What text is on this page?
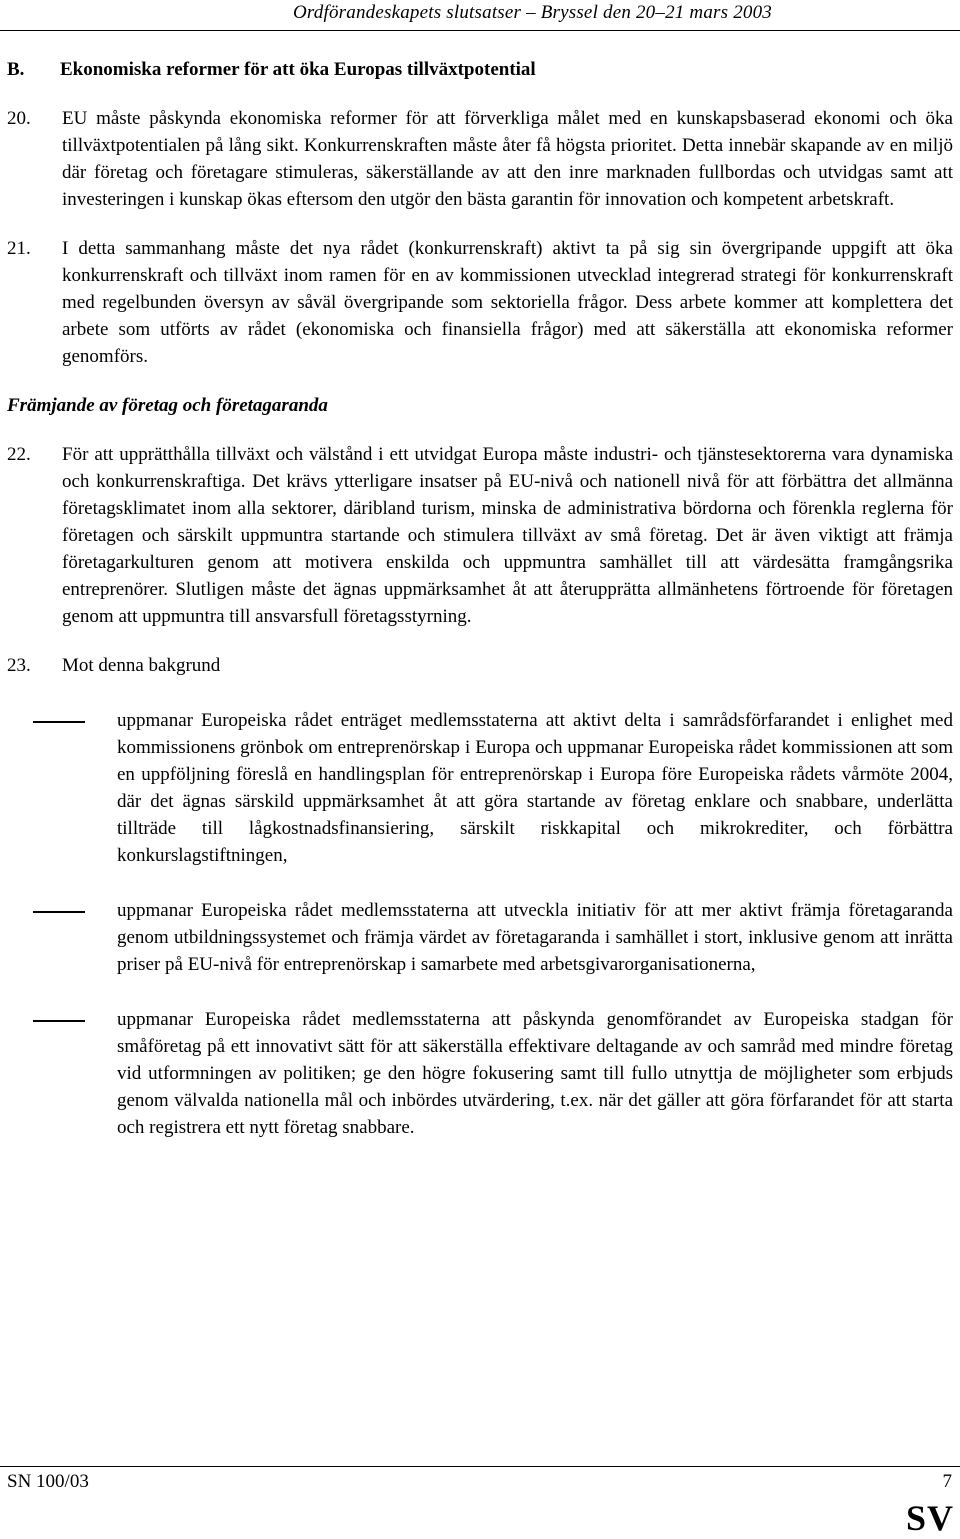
Ordförandeskapets slutsatser – Bryssel den 20–21 mars 2003
B.	Ekonomiska reformer för att öka Europas tillväxtpotential
20.	EU måste påskynda ekonomiska reformer för att förverkliga målet med en kunskapsbaserad ekonomi och öka tillväxtpotentialen på lång sikt. Konkurrenskraften måste åter få högsta prioritet. Detta innebär skapande av en miljö där företag och företagare stimuleras, säkerställande av att den inre marknaden fullbordas och utvidgas samt att investeringen i kunskap ökas eftersom den utgör den bästa garantin för innovation och kompetent arbetskraft.
21.	I detta sammanhang måste det nya rådet (konkurrenskraft) aktivt ta på sig sin övergripande uppgift att öka konkurrenskraft och tillväxt inom ramen för en av kommissionen utvecklad integrerad strategi för konkurrenskraft med regelbunden översyn av såväl övergripande som sektoriella frågor. Dess arbete kommer att komplettera det arbete som utförts av rådet (ekonomiska och finansiella frågor) med att säkerställa att ekonomiska reformer genomförs.
Främjande av företag och företagaranda
22.	För att upprätthålla tillväxt och välstånd i ett utvidgat Europa måste industri- och tjänstesektorerna vara dynamiska och konkurrenskraftiga. Det krävs ytterligare insatser på EU-nivå och nationell nivå för att förbättra det allmänna företagsklimatet inom alla sektorer, däribland turism, minska de administrativa bördorna och förenkla reglerna för företagen och särskilt uppmuntra startande och stimulera tillväxt av små företag. Det är även viktigt att främja företagarkulturen genom att motivera enskilda och uppmuntra samhället till att värdesätta framgångsrika entreprenörer. Slutligen måste det ägnas uppmärksamhet åt att återupprätta allmänhetens förtroende för företagen genom att uppmuntra till ansvarsfull företagsstyrning.
23.	Mot denna bakgrund
uppmanar Europeiska rådet enträget medlemsstaterna att aktivt delta i samrådsförfarandet i enlighet med kommissionens grönbok om entreprenörskap i Europa och uppmanar Europeiska rådet kommissionen att som en uppföljning föreslå en handlingsplan för entreprenörskap i Europa före Europeiska rådets vårmöte 2004, där det ägnas särskild uppmärksamhet åt att göra startande av företag enklare och snabbare, underlätta tillträde till lågkostnadsfinansiering, särskilt riskkapital och mikrokrediter, och förbättra konkurslagstiftningen,
uppmanar Europeiska rådet medlemsstaterna att utveckla initiativ för att mer aktivt främja företagaranda genom utbildningssystemet och främja värdet av företagaranda i samhället i stort, inklusive genom att inrätta priser på EU-nivå för entreprenörskap i samarbete med arbetsgivarorganisationerna,
uppmanar Europeiska rådet medlemsstaterna att påskynda genomförandet av Europeiska stadgan för småföretag på ett innovativt sätt för att säkerställa effektivare deltagande av och samråd med mindre företag vid utformningen av politiken; ge den högre fokusering samt till fullo utnyttja de möjligheter som erbjuds genom välvalda nationella mål och inbördes utvärdering, t.ex. när det gäller att göra förfarandet för att starta och registrera ett nytt företag snabbare.
SN 100/03	7
SV
